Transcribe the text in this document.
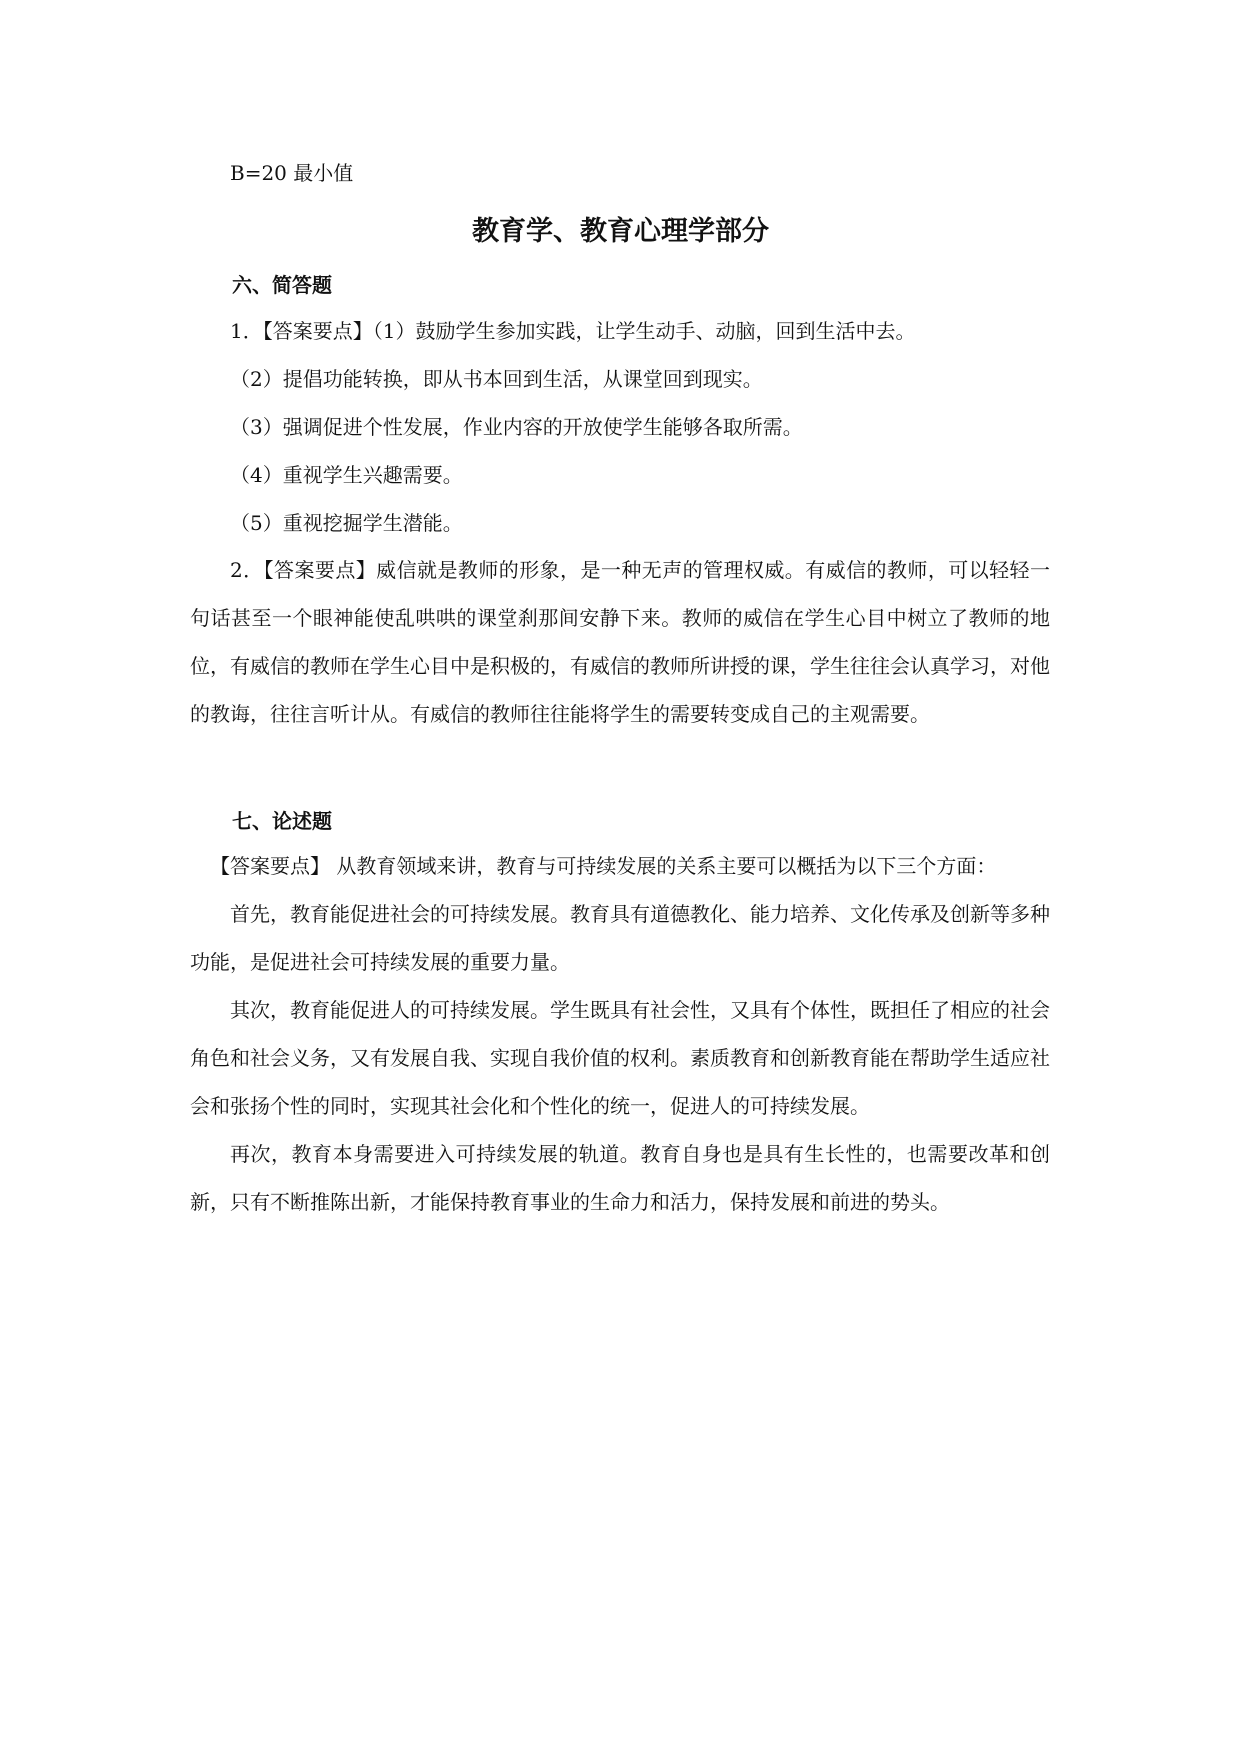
B=20 最小值

教育学、教育心理学部分
六、简答题

1．【答案要点】（1）鼓励学生参加实践，让学生动手、动脑，回到生活中去。

（2）提倡功能转换，即从书本回到生活，从课堂回到现实。

（3）强调促进个性发展，作业内容的开放使学生能够各取所需。

（4）重视学生兴趣需要。

（5）重视挖掘学生潜能。

2．【答案要点】威信就是教师的形象，是一种无声的管理权威。有威信的教师，可以轻轻一句话甚至一个眼神能使乱哄哄的课堂刹那间安静下来。教师的威信在学生心目中树立了教师的地位，有威信的教师在学生心目中是积极的，有威信的教师所讲授的课，学生往往会认真学习，对他的教诲，往往言听计从。有威信的教师往往能将学生的需要转变成自己的主观需要。

七、论述题

【答案要点】 从教育领域来讲，教育与可持续发展的关系主要可以概括为以下三个方面：

首先，教育能促进社会的可持续发展。教育具有道德教化、能力培养、文化传承及创新等多种功能，是促进社会可持续发展的重要力量。

其次，教育能促进人的可持续发展。学生既具有社会性，又具有个体性，既担任了相应的社会角色和社会义务，又有发展自我、实现自我价值的权利。素质教育和创新教育能在帮助学生适应社会和张扬个性的同时，实现其社会化和个性化的统一，促进人的可持续发展。

再次，教育本身需要进入可持续发展的轨道。教育自身也是具有生长性的，也需要改革和创新，只有不断推陈出新，才能保持教育事业的生命力和活力，保持发展和前进的势头。
